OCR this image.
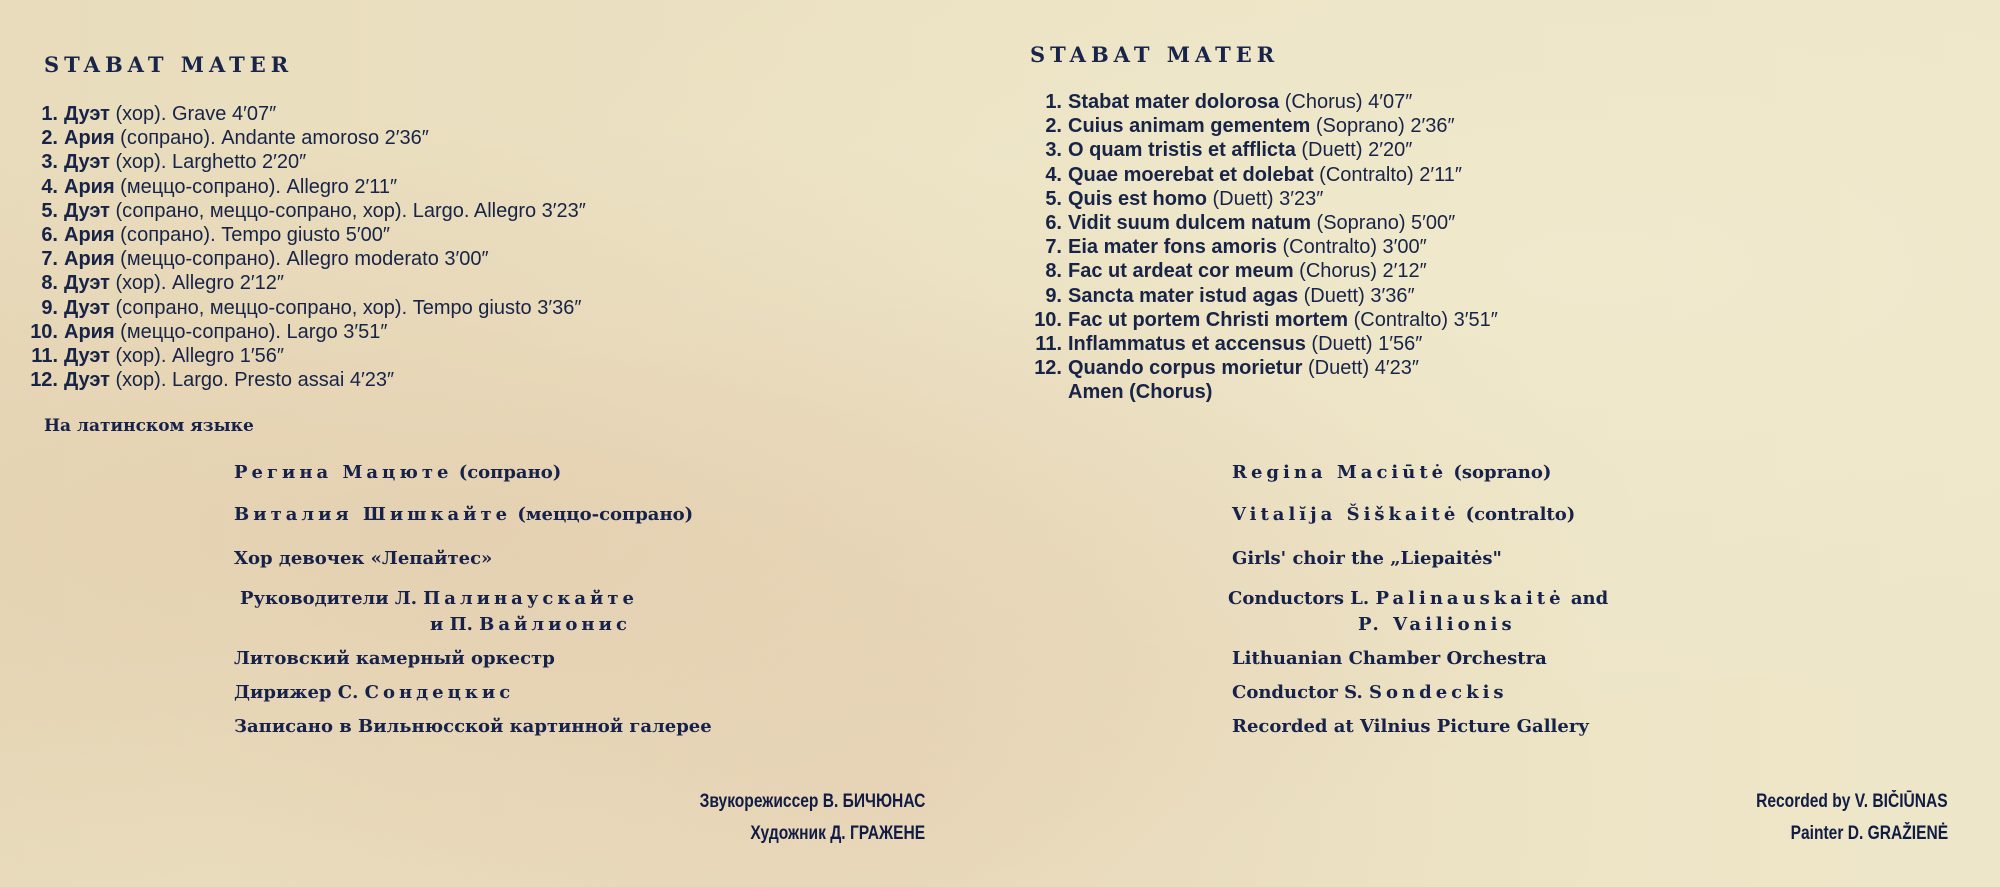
STABAT MATER
1. Дуэт (хор). Grave 4′07″
2. Ария (сопрано). Andante amoroso 2′36″
3. Дуэт (хор). Larghetto 2′20″
4. Ария (меццо-сопрано). Allegro 2′11″
5. Дуэт (сопрано, меццо-сопрано, хор). Largo. Allegro 3′23″
6. Ария (сопрано). Tempo giusto 5′00″
7. Ария (меццо-сопрано). Allegro moderato 3′00″
8. Дуэт (хор). Allegro 2′12″
9. Дуэт (сопрано, меццо-сопрано, хор). Tempo giusto 3′36″
10. Ария (меццо-сопрано). Largo 3′51″
11. Дуэт (хор). Allegro 1′56″
12. Дуэт (хор). Largo. Presto assai 4′23″
На латинском языке
Регина Мацюте (сопрано)
Виталия Шишкайте (меццо-сопрано)
Хор девочек «Лепайтес»
Руководители Л. Палинаускайте
и П. Вайлионис
Литовский камерный оркестр
Дирижер С. Сондецкис
Записано в Вильнюсской картинной галерее
Звукорежиссер В. БИЧЮНАС
Художник Д. ГРАЖЕНЕ
STABAT MATER
1. Stabat mater dolorosa (Chorus) 4′07″
2. Cuius animam gementem (Soprano) 2′36″
3. O quam tristis et afflicta (Duett) 2′20″
4. Quae moerebat et dolebat (Contralto) 2′11″
5. Quis est homo (Duett) 3′23″
6. Vidit suum dulcem natum (Soprano) 5′00″
7. Eia mater fons amoris (Contralto) 3′00″
8. Fac ut ardeat cor meum (Chorus) 2′12″
9. Sancta mater istud agas (Duett) 3′36″
10. Fac ut portem Christi mortem (Contralto) 3′51″
11. Inflammatus et accensus (Duett) 1′56″
12. Quando corpus morietur (Duett) 4′23″
Amen (Chorus)
Regina Maciūtė (soprano)
Vitalĭja Šiškaitė (contralto)
Girls' choir the „Liepaitės"
Conductors L. Palinauskaitė and
P. Vailionis
Lithuanian Chamber Orchestra
Conductor S. Sondeckis
Recorded at Vilnius Picture Gallery
Recorded by V. BIČIŪNAS
Painter D. GRAŽIENĖ
